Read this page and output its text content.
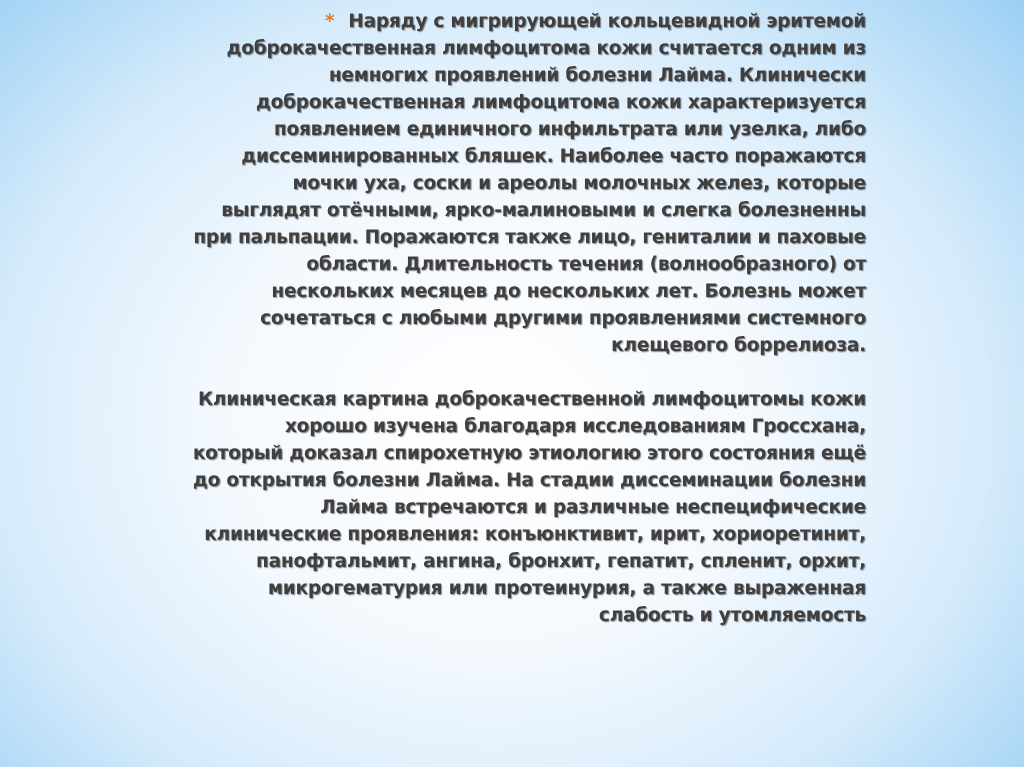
* Наряду с мигрирующей кольцевидной эритемой доброкачественная лимфоцитома кожи считается одним из немногих проявлений болезни Лайма. Клинически доброкачественная лимфоцитома кожи характеризуется появлением единичного инфильтрата или узелка, либо диссеминированных бляшек. Наиболее часто поражаются мочки уха, соски и ареолы молочных желез, которые выглядят отёчными, ярко-малиновыми и слегка болезненны при пальпации. Поражаются также лицо, гениталии и паховые области. Длительность течения (волнообразного) от нескольких месяцев до нескольких лет. Болезнь может сочетаться с любыми другими проявлениями системного клещевого боррелиоза.

Клиническая картина доброкачественной лимфоцитомы кожи хорошо изучена благодаря исследованиям Гроссхана, который доказал спирохетную этиологию этого состояния ещё до открытия болезни Лайма. На стадии диссеминации болезни Лайма встречаются и различные неспецифические клинические проявления: конъюнктивит, ирит, хориоретинит, панофтальмит, ангина, бронхит, гепатит, спленит, орхит, микрогематурия или протеинурия, а также выраженная слабость и утомляемость
